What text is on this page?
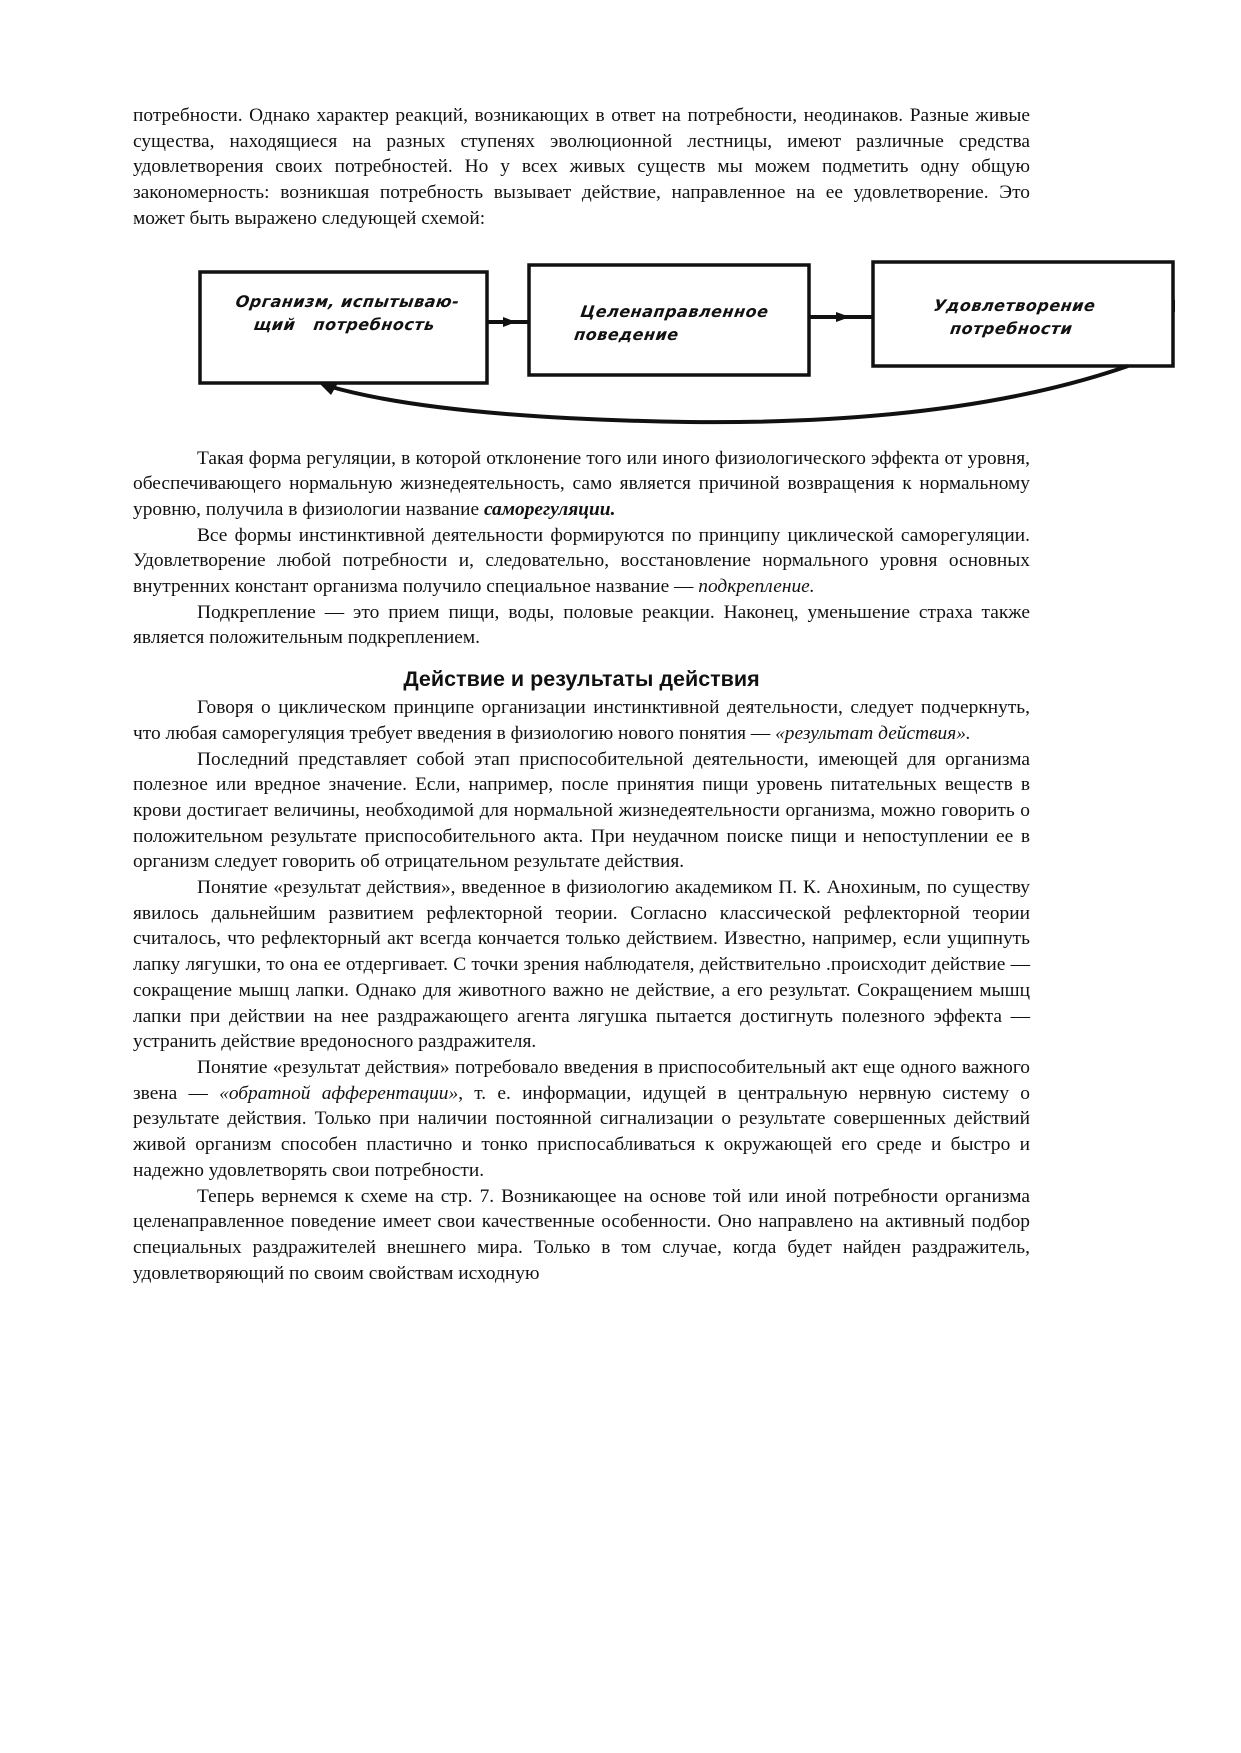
потребности. Однако характер реакций, возникающих в ответ на потребности, неодинаков. Разные живые существа, находящиеся на разных ступенях эволюционной лестницы, имеют различные средства удовлетворения своих потребностей. Но у всех живых существ мы можем подметить одну общую закономерность: возникшая потребность вызывает действие, направленное на ее удовлетворение. Это может быть выражено следующей схемой:

Организм, испытываю-
щий   потребность
Целенаправленное
поведение
Удовлетворение
потребности

Такая форма регуляции, в которой отклонение того или иного физиологического эффекта от уровня, обеспечивающего нормальную жизнедеятельность, само является причиной возвращения к нормальному уровню, получила в физиологии название саморегуляции.

Все формы инстинктивной деятельности формируются по принципу циклической саморегуляции. Удовлетворение любой потребности и, следовательно, восстановление нормального уровня основных внутренних констант организма получило специальное название — подкрепление.

Подкрепление — это прием пищи, воды, половые реакции. Наконец, уменьшение страха также является положительным подкреплением.

Действие и результаты действия

Говоря о циклическом принципе организации инстинктивной деятельности, следует подчеркнуть, что любая саморегуляция требует введения в физиологию нового понятия — «результат действия».

Последний представляет собой этап приспособительной деятельности, имеющей для организма полезное или вредное значение. Если, например, после принятия пищи уровень питательных веществ в крови достигает величины, необходимой для нормальной жизнедеятельности организма, можно говорить о положительном результате приспособительного акта. При неудачном поиске пищи и непоступлении ее в организм следует говорить об отрицательном результате действия.

Понятие «результат действия», введенное в физиологию академиком П. К. Анохиным, по существу явилось дальнейшим развитием рефлекторной теории. Согласно классической рефлекторной теории считалось, что рефлекторный акт всегда кончается только действием. Известно, например, если ущипнуть лапку лягушки, то она ее отдергивает. С точки зрения наблюдателя, действительно .происходит действие — сокращение мышц лапки. Однако для животного важно не действие, а его результат. Сокращением мышц лапки при действии на нее раздражающего агента лягушка пытается достигнуть полезного эффекта — устранить действие вредоносного раздражителя.

Понятие «результат действия» потребовало введения в приспособительный акт еще одного важного звена — «обратной афферентации», т. е. информации, идущей в центральную нервную систему о результате действия. Только при наличии постоянной сигнализации о результате совершенных действий живой организм способен пластично и тонко приспосабливаться к окружающей его среде и быстро и надежно удовлетворять свои потребности.

Теперь вернемся к схеме на стр. 7. Возникающее на основе той или иной потребности организма целенаправленное поведение имеет свои качественные особенности. Оно направлено на активный подбор специальных раздражителей внешнего мира. Только в том случае, когда будет найден раздражитель, удовлетворяющий по своим свойствам исходную
